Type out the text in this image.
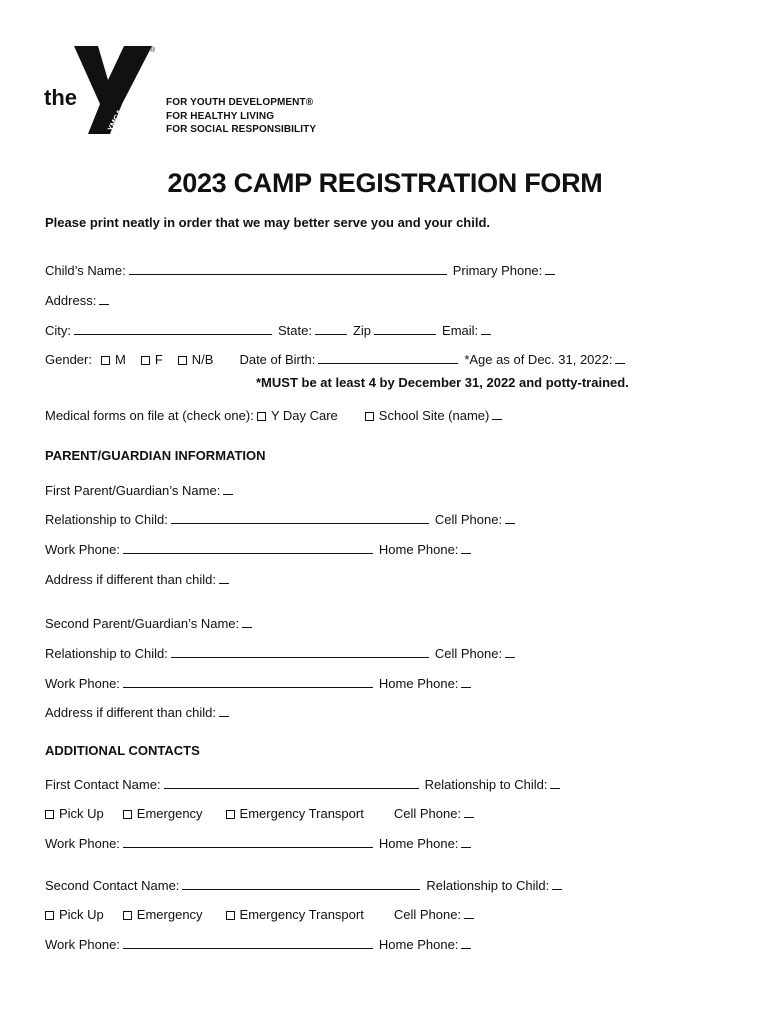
the
YMCA
®
FOR YOUTH DEVELOPMENT®
FOR HEALTHY LIVING
FOR SOCIAL RESPONSIBILITY
2023 CAMP REGISTRATION FORM
Please print neatly in order that we may better serve you and your child.
Child’s Name:	Primary Phone:
Address:
City:	State:	Zip	Email:
Gender:	M	F	N/B Date of Birth:	*Age as of Dec. 31, 2022:
*MUST be at least 4 by December 31, 2022 and potty-trained.
Medical forms on file at (check one):	Y Day Care	School Site (name)
PARENT/GUARDIAN INFORMATION
First Parent/Guardian’s Name:
Relationship to Child:	Cell Phone:
Work Phone:	Home Phone:
Address if different than child:
Second Parent/Guardian’s Name:
Relationship to Child:	Cell Phone:
Work Phone:	Home Phone:
Address if different than child:
ADDITIONAL CONTACTS
First Contact Name:	Relationship to Child:
Pick Up	Emergency	Emergency Transport Cell Phone:
Work Phone:	Home Phone:
Second Contact Name:	Relationship to Child:
Pick Up	Emergency	Emergency Transport Cell Phone:
Work Phone:	Home Phone:
